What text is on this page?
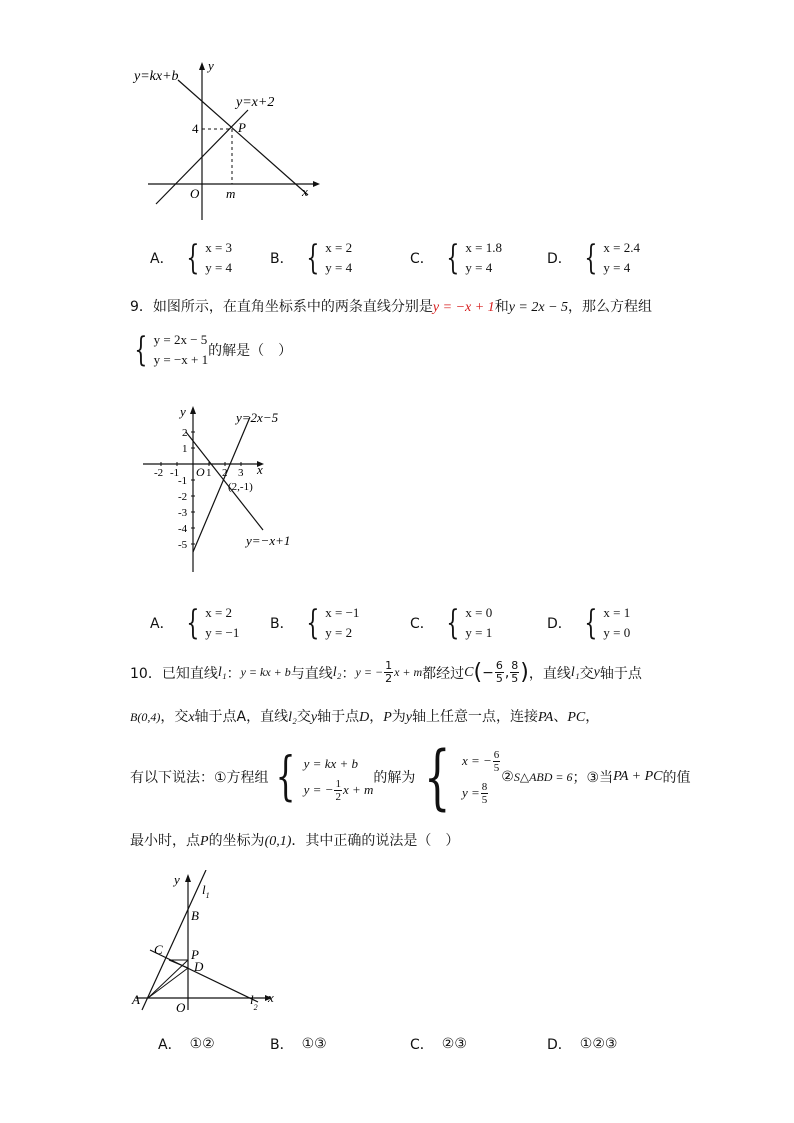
y=kx+b
y=x+2
y
x
O
4
m
P
A． { x = 3
y = 4
B． { x = 2
y = 4
C． { x = 1.8
y = 4
D． { x = 2.4
y = 4
9．如图所示，在直角坐标系中的两条直线分别是y = −x + 1和y = 2x − 5，那么方程组
{ y = 2x − 5
y = −x + 1
的解是（　）
y
x
O
-2 -1 1 2 3
2
1
-1
-2
-3
-4
-5
y=2x−5
y=−x+1
(2,-1)
A． { x = 2
y = −1
B． { x = −1
y = 2
C． { x = 0
y = 1
D． { x = 1
y = 0
10．已知直线 l₁ ： y = kx + b 与直线 l₂ ： y = − $\frac{1}{2}$ x + m 都经过 C ( − $\frac{6}{5}$ , $\frac{8}{5}$ ) ，直线 l₁ 交 y 轴于点
B(0,4)，交x轴于点A，直线l₂交y轴于点D，P为y轴上任意一点，连接PA、PC，
有以下说法：①方程组 { y = kx + b
y = − $\frac{1}{2}$ x + m
的解为 { x = − $\frac{6}{5}$
$y = \frac{8}{5}$
② S△ABD = 6 ；③当 PA + PC 的值
最小时，点P的坐标为(0,1)．其中正确的说法是（　）
y
x
O
$l_1$
$l_2$
A
B
C P
D
A． ①②	B． ①③	C． ②③	D． ①②③
